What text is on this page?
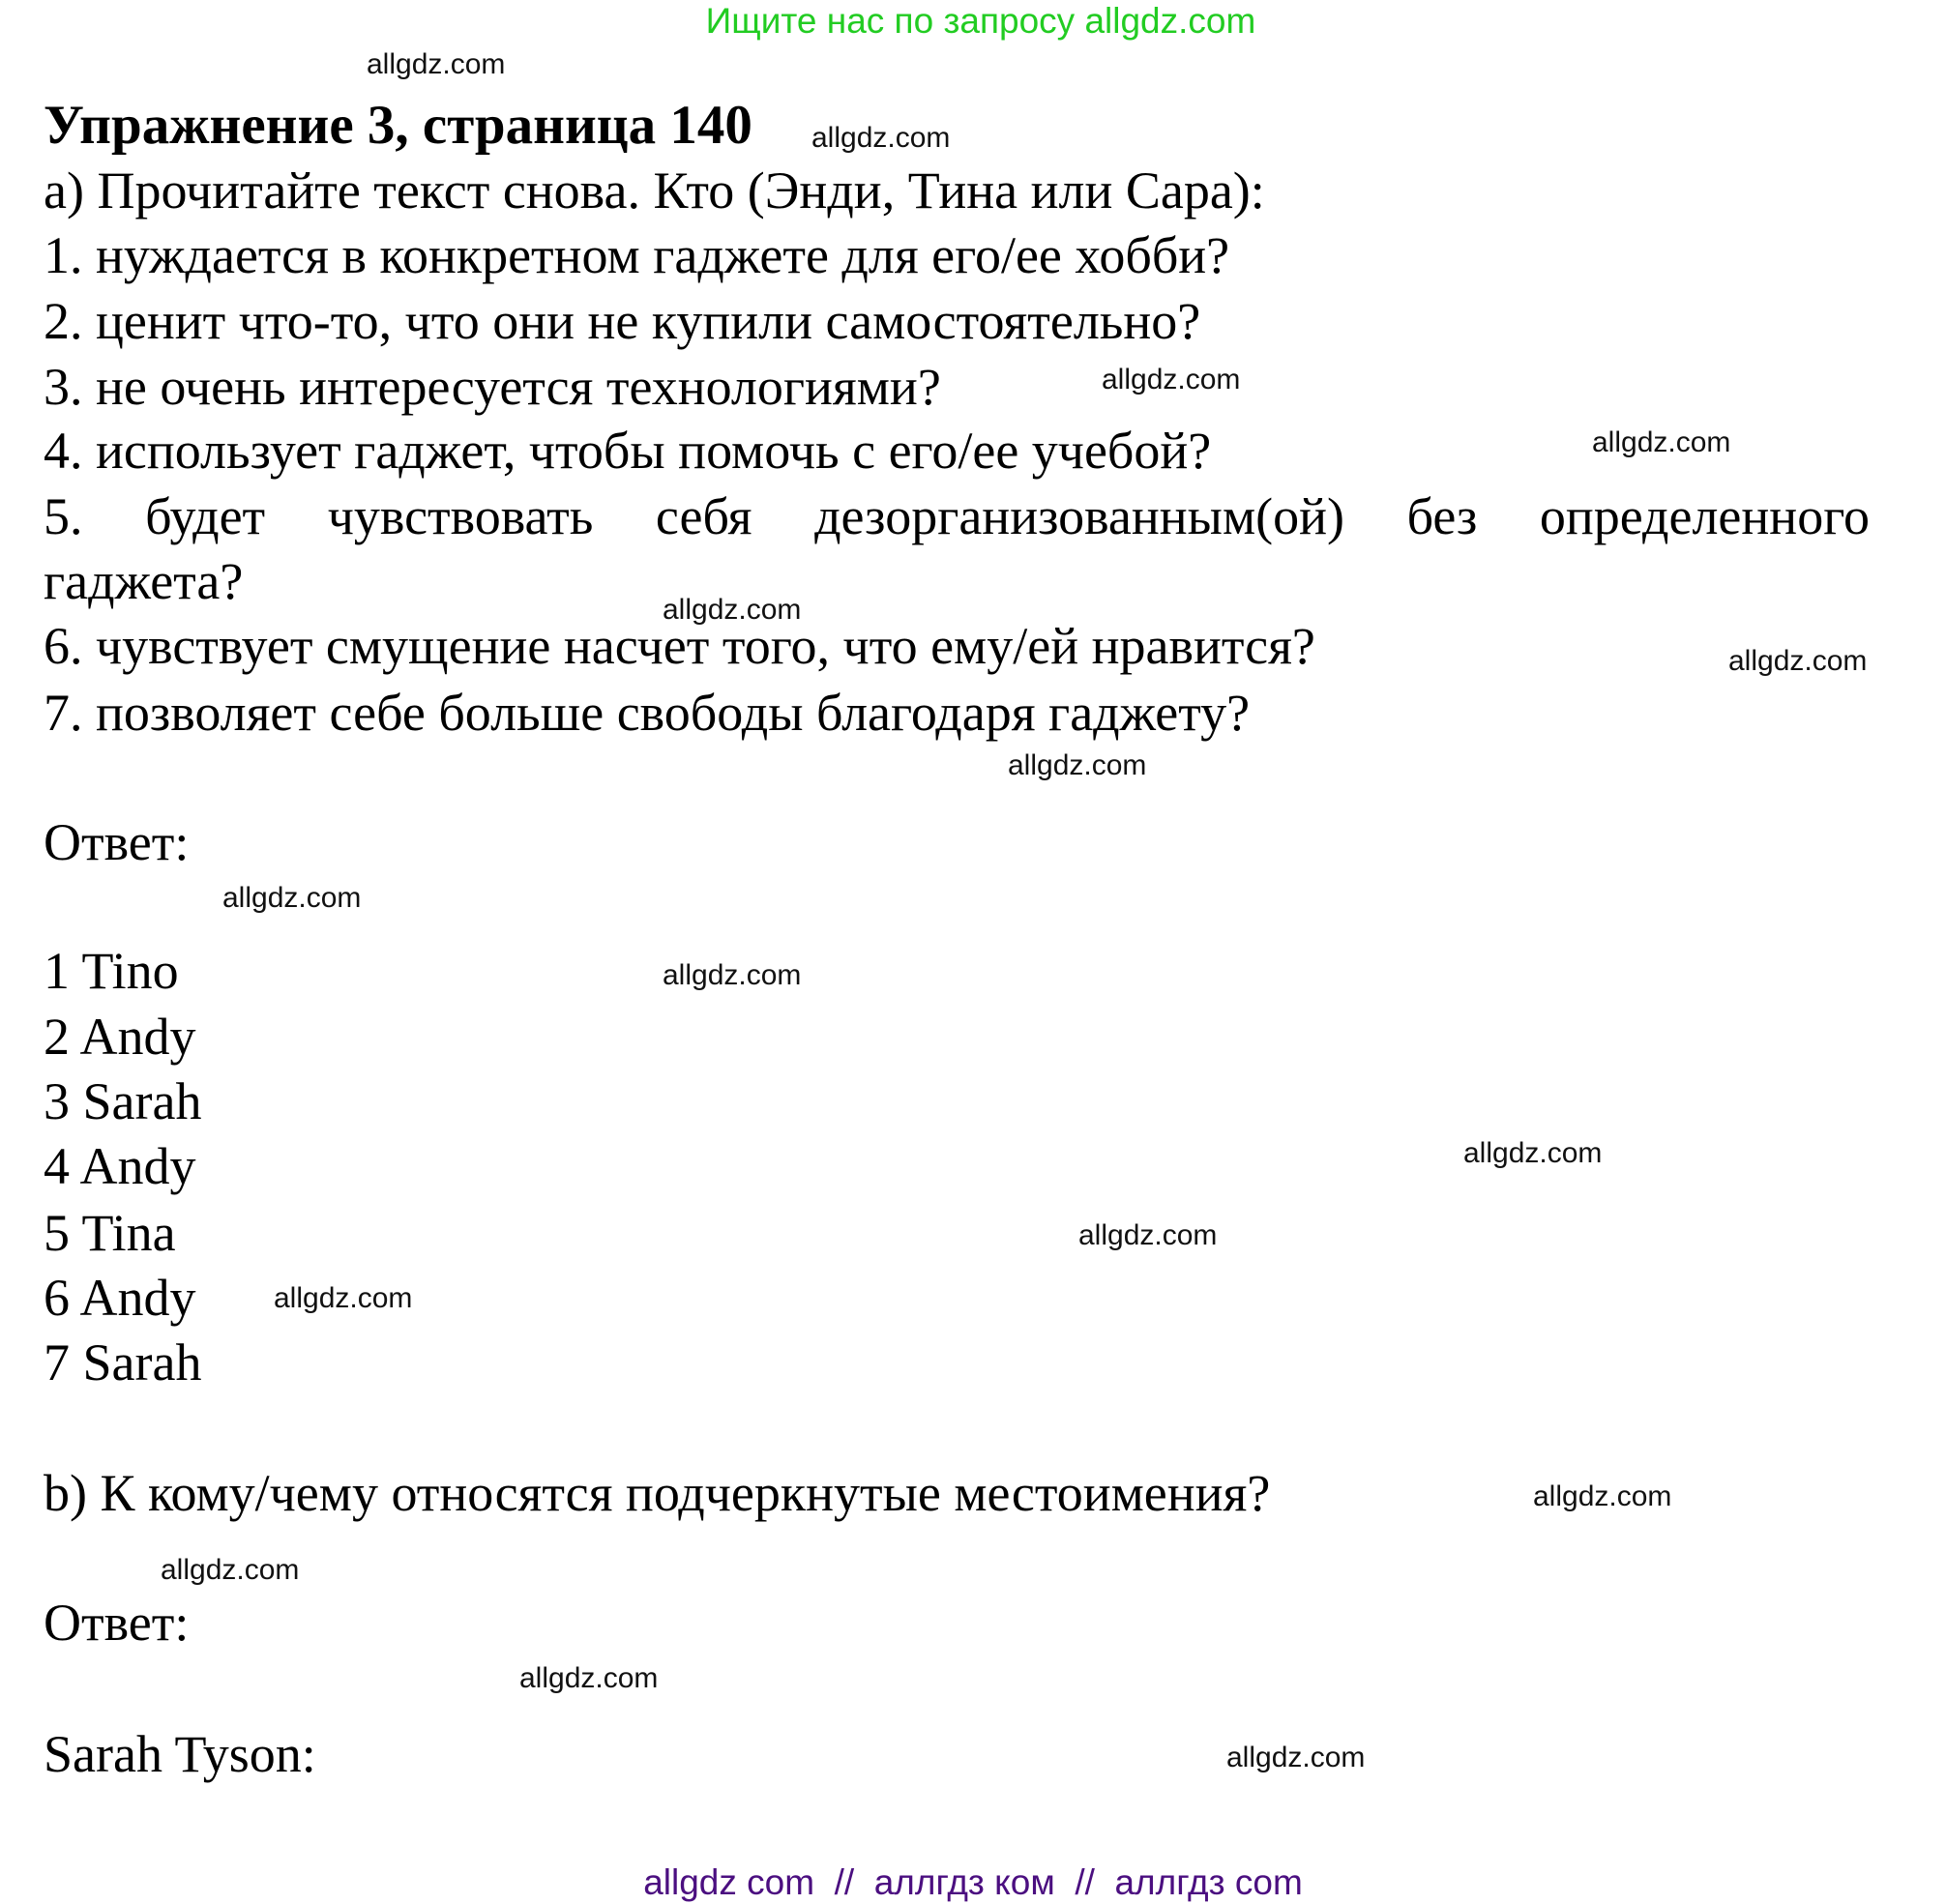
Ищите нас по запросу allgdz.com
Упражнение 3, страница 140
а) Прочитайте текст снова. Кто (Энди, Тина или Сара):
1. нуждается в конкретном гаджете для его/ее хобби?
2. ценит что-то, что они не купили самостоятельно?
3. не очень интересуется технологиями?
4. использует гаджет, чтобы помочь с его/ее учебой?
5. будет чувствовать себя дезорганизованным(ой) без определенного
гаджета?
6. чувствует смущение насчет того, что ему/ей нравится?
7. позволяет себе больше свободы благодаря гаджету?
Ответ:
1 Tino
2 Andy
3 Sarah
4 Andy
5 Tina
6 Andy
7 Sarah
b) К кому/чему относятся подчеркнутые местоимения?
Ответ:
Sarah Tyson:
allgdz.com
allgdz.com
allgdz.com
allgdz.com
allgdz.com
allgdz.com
allgdz.com
allgdz.com
allgdz.com
allgdz.com
allgdz.com
allgdz.com
allgdz.com
allgdz.com
allgdz.com
allgdz.com
allgdz com  //  аллгдз ком  //  аллгдз com
